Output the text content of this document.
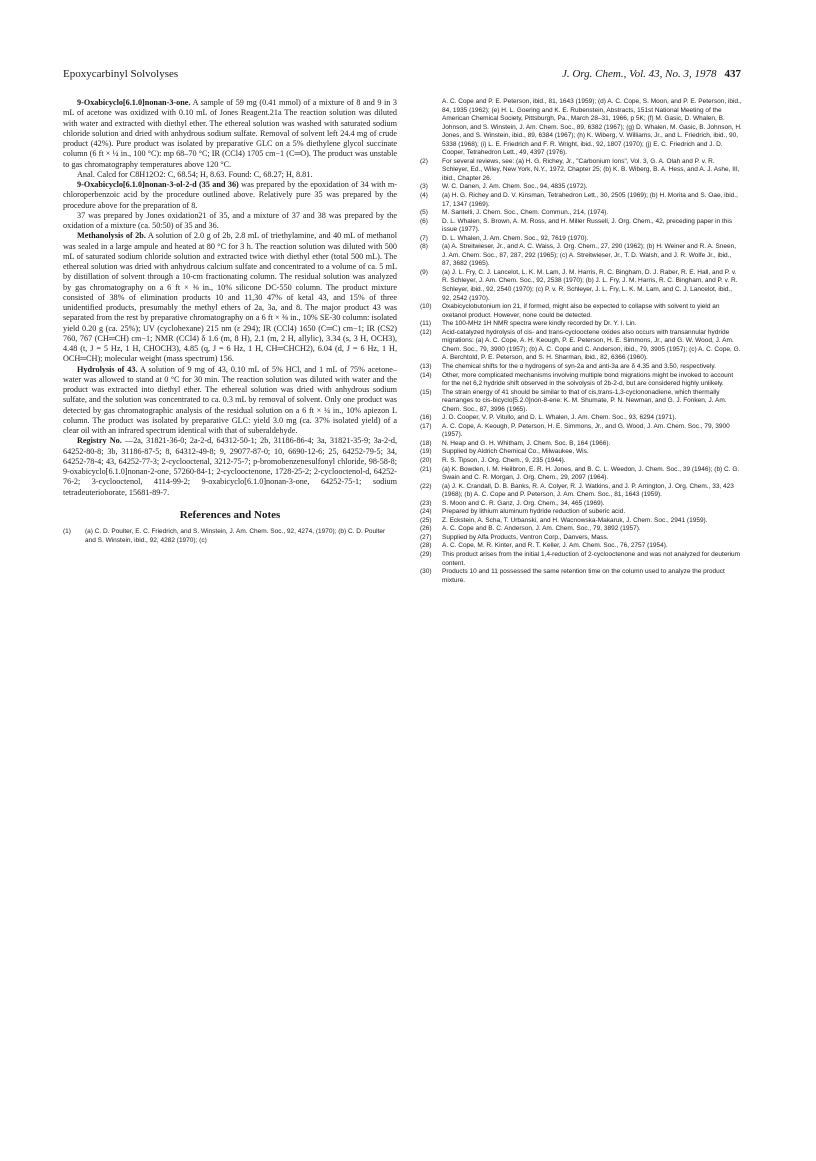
Epoxycarbinyl Solvolyses	J. Org. Chem., Vol. 43, No. 3, 1978 437

9-Oxabicyclo[6.1.0]nonan-3-one. A sample of 59 mg (0.41 mmol) of a mixture of 8 and 9 in 3 mL of acetone was oxidized with 0.10 mL of Jones Reagent.21a The reaction solution was diluted with water and extracted with diethyl ether. The ethereal solution was washed with saturated sodium chloride solution and dried with anhydrous sodium sulfate. Removal of solvent left 24.4 mg of crude product (42%). Pure product was isolated by preparative GLC on a 5% diethylene glycol succinate column (6 ft × ¼ in., 100 °C): mp 68–70 °C; IR (CCl4) 1705 cm−1 (C═O). The product was unstable to gas chromatography temperatures above 120 °C.

Anal. Calcd for C8H12O2: C, 68.54; H, 8.63. Found: C, 68.27; H, 8.81.

9-Oxabicyclo[6.1.0]nonan-3-ol-2-d (35 and 36) was prepared by the epoxidation of 34 with m-chloroperbenzoic acid by the procedure outlined above. Relatively pure 35 was prepared by the procedure above for the preparation of 8.

37 was prepared by Jones oxidation21 of 35, and a mixture of 37 and 38 was prepared by the oxidation of a mixture (ca. 50:50) of 35 and 36.

Methanolysis of 2b. A solution of 2.0 g of 2b, 2.8 mL of triethylamine, and 40 mL of methanol was sealed in a large ampule and heated at 80 °C for 3 h. The reaction solution was diluted with 500 mL of saturated sodium chloride solution and extracted twice with diethyl ether (total 500 mL). The ethereal solution was dried with anhydrous calcium sulfate and concentrated to a volume of ca. 5 mL by distillation of solvent through a 10-cm fractionating column. The residual solution was analyzed by gas chromatography on a 6 ft × ⅜ in., 10% silicone DC-550 column. The product mixture consisted of 38% of elimination products 10 and 11,30 47% of ketal 43, and 15% of three unidentified products, presumably the methyl ethers of 2a, 3a, and 8. The major product 43 was separated from the rest by preparative chromatography on a 6 ft × ⅜ in., 10% SE-30 column: isolated yield 0.20 g (ca. 25%); UV (cyclohexane) 215 nm (ε 294); IR (CCl4) 1650 (C═C) cm−1; IR (CS2) 760, 767 (CH═CH) cm−1; NMR (CCl4) δ 1.6 (m, 8 H), 2.1 (m, 2 H, allylic), 3.34 (s, 3 H, OCH3), 4.48 (t, J = 5 Hz, 1 H, CHOCH3), 4.85 (q, J = 6 Hz, 1 H, CH═CHCH2), 6.04 (d, J = 6 Hz, 1 H, OCH═CH); molecular weight (mass spectrum) 156.

Hydrolysis of 43. A solution of 9 mg of 43, 0.10 mL of 5% HCl, and 1 mL of 75% acetone–water was allowed to stand at 0 °C for 30 min. The reaction solution was diluted with water and the product was extracted into diethyl ether. The ethereal solution was dried with anhydrous sodium sulfate, and the solution was concentrated to ca. 0.3 mL by removal of solvent. Only one product was detected by gas chromatographic analysis of the residual solution on a 6 ft × ¼ in., 10% apiezon L column. The product was isolated by preparative GLC: yield 3.0 mg (ca. 37% isolated yield) of a clear oil with an infrared spectrum identical with that of suberaldehyde.

Registry No. —2a, 31821-36-0; 2a-2-d, 64312-50-1; 2b, 31186-86-4; 3a, 31821-35-9; 3a-2-d, 64252-80-8; 3b, 31186-87-5; 8, 64312-49-8; 9, 29077-87-0; 10, 6690-12-6; 25, 64252-79-5; 34, 64252-78-4; 43, 64252-77-3; 2-cyclooctenal, 3212-75-7; p-bromobenzenesulfonyl chloride, 98-58-8; 9-oxabicyclo[6.1.0]nonan-2-one, 57260-84-1; 2-cyclooctenone, 1728-25-2; 2-cyclooctenol-d, 64252-76-2; 3-cyclooctenol, 4114-99-2; 9-oxabicyclo[6.1.0]nonan-3-one, 64252-75-1; sodium tetradeuterioborate, 15681-89-7.

References and Notes
(1)	(a) C. D. Poulter, E. C. Friedrich, and S. Winstein, J. Am. Chem. Soc., 92, 4274, (1970); (b) C. D. Poulter and S. Winstein, ibid., 92, 4282 (1970); (c)
A. C. Cope and P. E. Peterson, ibid., 81, 1643 (1959); (d) A. C. Cope, S. Moon, and P. E. Peterson, ibid., 84, 1935 (1962); (e) H. L. Goering and K. E. Rubenstein, Abstracts, 151st National Meeting of the American Chemical Society, Pittsburgh, Pa., March 28–31, 1966, p 5K; (f) M. Gasic, D. Whalen, B. Johnson, and S. Winstein, J. Am. Chem. Soc., 89, 6382 (1967); (g) D. Whalen, M. Gasic, B. Johnson, H. Jones, and S. Winstein, ibid., 89, 6384 (1967); (h) K. Wiberg, V. Williams, Jr., and L. Friedrich, ibid., 90, 5338 (1968); (i) L. E. Friedrich and F. R. Wright, ibid., 92, 1807 (1970); (j) E. C. Friedrich and J. D. Cooper, Tetrahedron Lett., 49, 4397 (1976).
(2)	For several reviews, see: (a) H. G. Richey, Jr., "Carbonium Ions", Vol. 3, G. A. Olah and P. v. R. Schleyer, Ed., Wiley, New York, N.Y., 1972, Chapter 25; (b) K. B. Wiberg, B. A. Hess, and A. J. Ashe, III, ibid., Chapter 26.
(3)	W. C. Danen, J. Am. Chem. Soc., 94, 4835 (1972).
(4)	(a) H. G. Richey and D. V. Kinsman, Tetrahedron Lett., 30, 2505 (1969); (b) H. Morita and S. Oae, ibid., 17, 1347 (1969).
(5)	M. Santelli, J. Chem. Soc., Chem. Commun., 214, (1974).
(6)	D. L. Whalen, S. Brown, A. M. Ross, and H. Miller Russell, J. Org. Chem., 42, preceding paper in this issue (1977).
(7)	D. L. Whalen, J. Am. Chem. Soc., 92, 7619 (1970).
(8)	(a) A. Streitwieser, Jr., and A. C. Waiss, J. Org. Chem., 27, 290 (1962); (b) H. Weiner and R. A. Sneen, J. Am. Chem. Soc., 87, 287, 292 (1965); (c) A. Streitwieser, Jr., T. D. Walsh, and J. R. Wolfe Jr., ibid., 87, 3682 (1965).
(9)	(a) J. L. Fry, C. J. Lancelot, L. K. M. Lam, J. M. Harris, R. C. Bingham, D. J. Raber, R. E. Hall, and P. v. R. Schleyer, J. Am. Chem. Soc., 92, 2538 (1970); (b) J. L. Fry, J. M. Harris, R. C. Bingham, and P. v. R. Schleyer, ibid., 92, 2540 (1970); (c) P. v. R. Schleyer, J. L. Fry, L. K. M. Lam, and C. J. Lancelot, ibid., 92, 2542 (1970).
(10)	Oxabicyclobutonium ion 21, if formed, might also be expected to collapse with solvent to yield an oxetanol product. However, none could be detected.
(11)	The 100-MHz 1H NMR spectra were kindly recorded by Dr. Y. I. Lin.
(12)	Acid-catalyzed hydrolysis of cis- and trans-cyclooctene oxides also occurs with transannular hydride migrations: (a) A. C. Cope, A. H. Keough, P. E. Peterson, H. E. Simmons, Jr., and G. W. Wood, J. Am. Chem. Soc., 79, 3900 (1957); (b) A. C. Cope and C. Anderson, ibid., 79, 3905 (1957); (c) A. C. Cope, G. A. Berchtold, P. E. Peterson, and S. H. Sharman, ibid., 82, 6366 (1960).
(13)	The chemical shifts for the α hydrogens of syn-2a and anti-3a are δ 4.35 and 3.50, respectively.
(14)	Other, more complicated mechanisms involving multiple bond migrations might be invoked to account for the net 6,2 hydride shift observed in the solvolysis of 2b-2-d, but are considered highly unlikely.
(15)	The strain energy of 41 should be similar to that of cis,trans-1,3-cyclononadiene, which thermally rearranges to cis-bicyclo[5.2.0]non-8-ene: K. M. Shumate, P. N. Newman, and G. J. Fonken, J. Am. Chem. Soc., 87, 3996 (1965).
(16)	J. D. Cooper, V. P. Vitullo, and D. L. Whalen, J. Am. Chem. Soc., 93, 6294 (1971).
(17)	A. C. Cope, A. Keough, P. Peterson, H. E. Simmons, Jr., and G. Wood, J. Am. Chem. Soc., 79, 3900 (1957).
(18)	N. Heap and G. H. Whitham, J. Chem. Soc. B, 164 (1966).
(19)	Supplied by Aldrich Chemical Co., Milwaukee, Wis.
(20)	R. S. Tipson, J. Org. Chem., 9, 235 (1944).
(21)	(a) K. Bowden, I. M. Heilbron, E. R. H. Jones, and B. C. L. Weedon, J. Chem. Soc., 39 (1946); (b) C. G. Swain and C. R. Morgan, J. Org. Chem., 29, 2097 (1964).
(22)	(a) J. K. Crandall, D. B. Banks, R. A. Colyer, R. J. Watkins, and J. P. Arrington, J. Org. Chem., 33, 423 (1968); (b) A. C. Cope and P. Peterson, J. Am. Chem. Soc., 81, 1643 (1959).
(23)	S. Moon and C. R. Ganz, J. Org. Chem., 34, 465 (1969).
(24)	Prepared by lithium aluminum hydride reduction of suberic acid.
(25)	Z. Eckstein, A. Scha, T. Urbanski, and H. Wacnowska-Makaruk, J. Chem. Soc., 2941 (1959).
(26)	A. C. Cope and B. C. Anderson, J. Am. Chem. Soc., 79, 3892 (1957).
(27)	Supplied by Alfa Products, Ventron Corp., Danvers, Mass.
(28)	A. C. Cope, M. R. Kinter, and R. T. Keller, J. Am. Chem. Soc., 76, 2757 (1954).
(29)	This product arises from the initial 1,4-reduction of 2-cyclooctenone and was not analyzed for deuterium content.
(30)	Products 10 and 11 possessed the same retention time on the column used to analyze the product mixture.
